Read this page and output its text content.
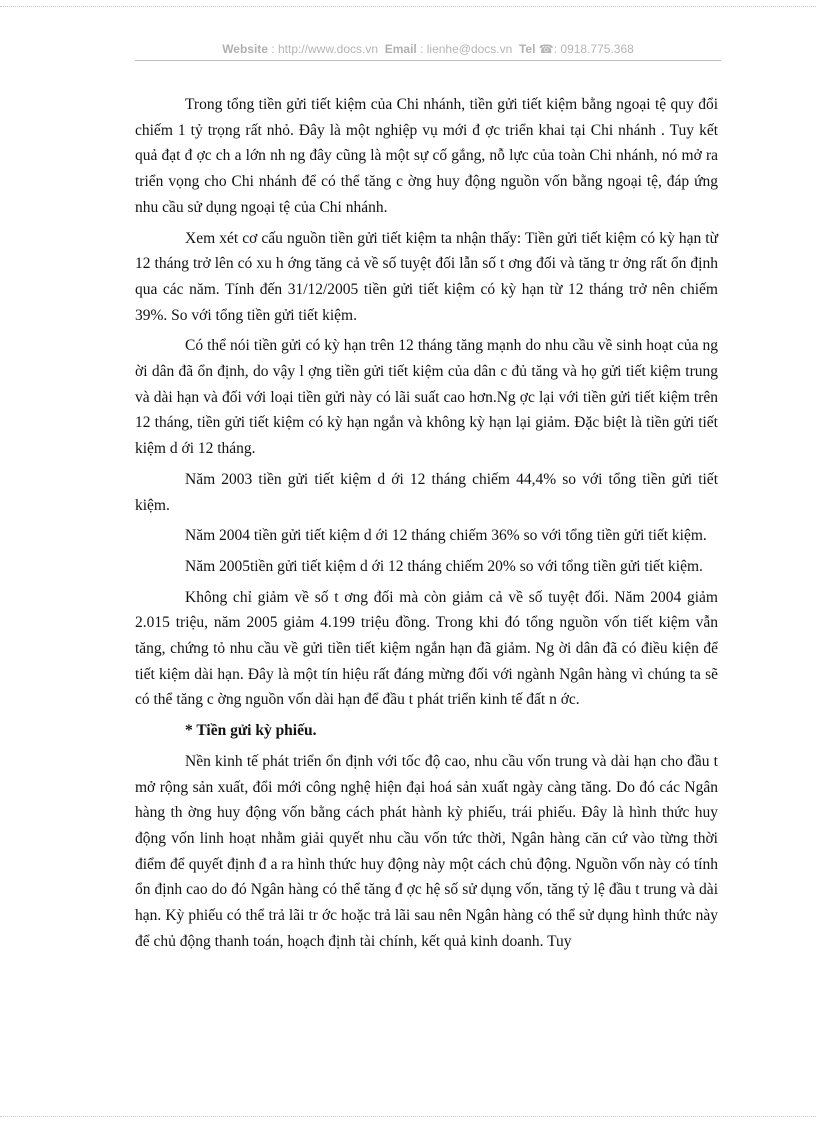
Website : http://www.docs.vn Email : lienhe@docs.vn Tel ☎: 0918.775.368

Trong tổng tiền gửi tiết kiệm của Chi nhánh, tiền gửi tiết kiệm bằng ngoại tệ quy đổi chiếm 1 tỷ trọng rất nhỏ. Đây là một nghiệp vụ mới đ ợc triển khai tại Chi nhánh . Tuy kết quả đạt đ ợc ch a lớn nh ng đây cũng là một sự cố gắng, nỗ lực của toàn Chi nhánh, nó mở ra triển vọng cho Chi nhánh để có thể tăng c ờng huy động nguồn vốn bằng ngoại tệ, đáp ứng nhu cầu sử dụng ngoại tệ của Chi nhánh.

Xem xét cơ cấu nguồn tiền gửi tiết kiệm ta nhận thấy: Tiền gửi tiết kiệm có kỳ hạn từ 12 tháng trở lên có xu h ớng tăng cả về số tuyệt đối lẫn số t ơng đối và tăng tr ởng rất ổn định qua các năm. Tính đến 31/12/2005 tiền gửi tiết kiệm có kỳ hạn từ 12 tháng trở nên chiếm 39%. So với tổng tiền gửi tiết kiệm.

Có thể nói tiền gửi có kỳ hạn trên 12 tháng tăng mạnh do nhu cầu về sinh hoạt của ng ời dân đã ổn định, do vậy l ợng tiền gửi tiết kiệm của dân c đủ tăng và họ gửi tiết kiệm trung và dài hạn và đối với loại tiền gửi này có lãi suất cao hơn.Ng ợc lại với tiền gửi tiết kiệm trên 12 tháng, tiền gửi tiết kiệm có kỳ hạn ngắn và không kỳ hạn lại giảm. Đặc biệt là tiền gửi tiết kiệm d ới 12 tháng.

Năm 2003 tiền gửi tiết kiệm d ới 12 tháng chiếm 44,4% so với tổng tiền gửi tiết kiệm.

Năm 2004 tiền gửi tiết kiệm d ới 12 tháng chiếm 36% so với tổng tiền gửi tiết kiệm.

Năm 2005tiền gửi tiết kiệm d ới 12 tháng chiếm 20% so với tổng tiền gửi tiết kiệm.

Không chỉ giảm về số t ơng đối mà còn giảm cả về số tuyệt đối. Năm 2004 giảm 2.015 triệu, năm 2005 giảm 4.199 triệu đồng. Trong khi đó tổng nguồn vốn tiết kiệm vẫn tăng, chứng tỏ nhu cầu về gửi tiền tiết kiệm ngắn hạn đã giảm. Ng ời dân đã có điều kiện để tiết kiệm dài hạn. Đây là một tín hiệu rất đáng mừng đối với ngành Ngân hàng vì chúng ta sẽ có thể tăng c ờng nguồn vốn dài hạn để đầu t phát triển kinh tế đất n ớc.

* Tiền gửi kỳ phiếu.

Nền kinh tế phát triển ổn định với tốc độ cao, nhu cầu vốn trung và dài hạn cho đầu t mở rộng sản xuất, đổi mới công nghệ hiện đại hoá sản xuất ngày càng tăng. Do đó các Ngân hàng th ờng huy động vốn bằng cách phát hành kỳ phiếu, trái phiếu. Đây là hình thức huy động vốn linh hoạt nhằm giải quyết nhu cầu vốn tức thời, Ngân hàng căn cứ vào từng thời điểm để quyết định đ a ra hình thức huy động này một cách chủ động. Nguồn vốn này có tính ổn định cao do đó Ngân hàng có thể tăng đ ợc hệ số sử dụng vốn, tăng tỷ lệ đầu t trung và dài hạn. Kỳ phiếu có thể trả lãi tr ớc hoặc trả lãi sau nên Ngân hàng có thể sử dụng hình thức này để chủ động thanh toán, hoạch định tài chính, kết quả kinh doanh. Tuy
